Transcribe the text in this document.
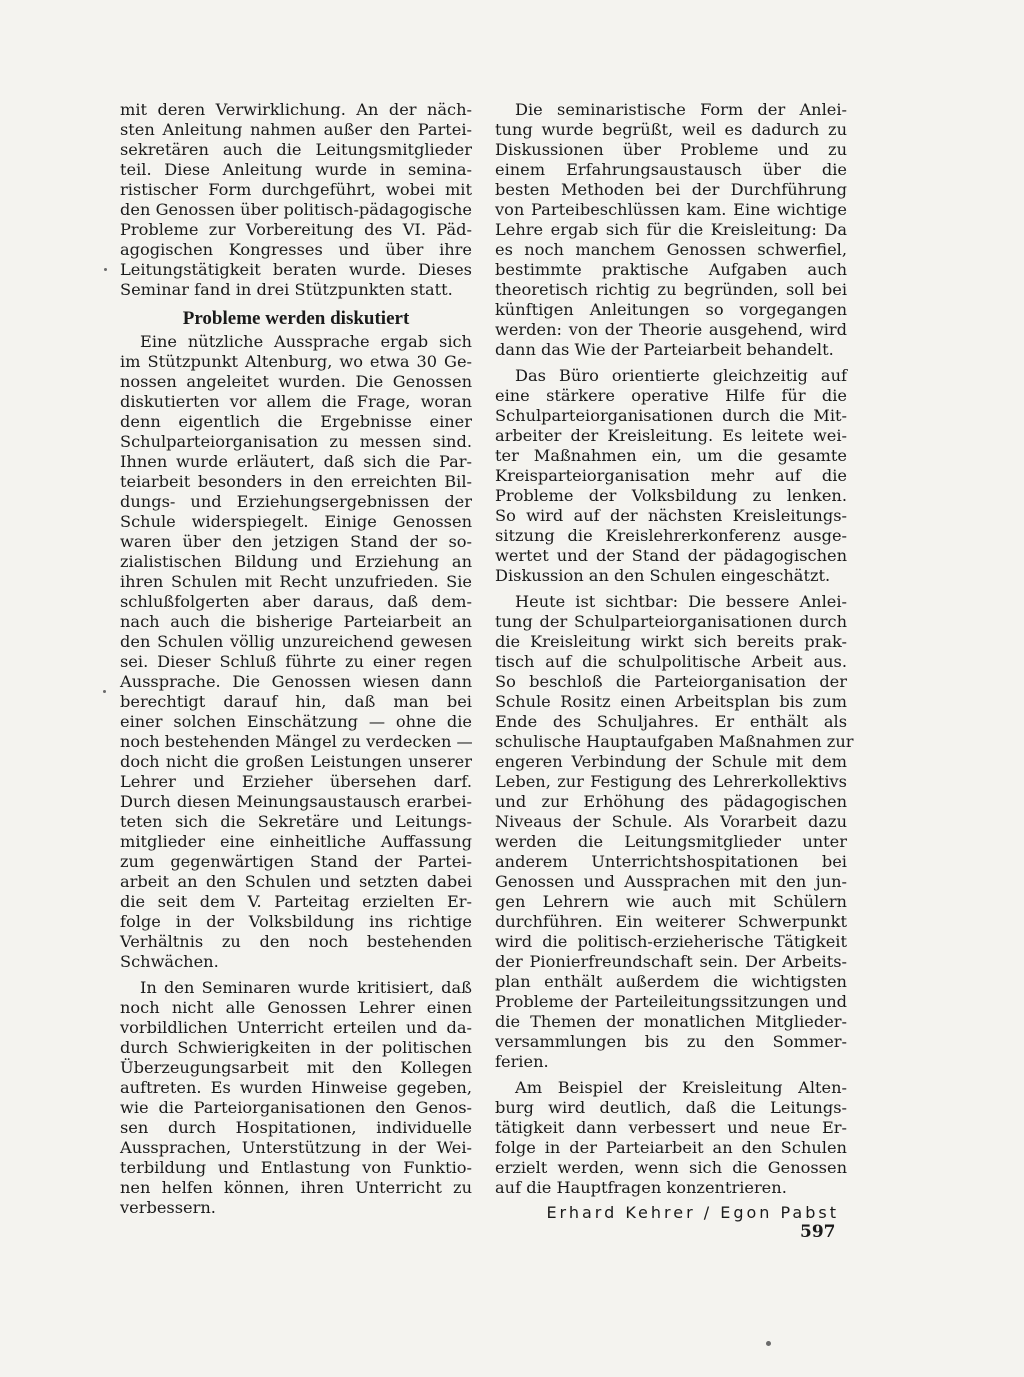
mit deren Verwirklichung. An der näch-
sten Anleitung nahmen außer den Partei-
sekretären auch die Leitungsmitglieder
teil. Diese Anleitung wurde in semina-
ristischer Form durchgeführt, wobei mit
den Genossen über politisch-pädagogische
Probleme zur Vorbereitung des VI. Päd-
agogischen Kongresses und über ihre
Leitungstätigkeit beraten wurde. Dieses
Seminar fand in drei Stützpunkten statt.
Probleme werden diskutiert
Eine nützliche Aussprache ergab sich
im Stützpunkt Altenburg, wo etwa 30 Ge-
nossen angeleitet wurden. Die Genossen
diskutierten vor allem die Frage, woran
denn eigentlich die Ergebnisse einer
Schulparteiorganisation zu messen sind.
Ihnen wurde erläutert, daß sich die Par-
teiarbeit besonders in den erreichten Bil-
dungs- und Erziehungsergebnissen der
Schule widerspiegelt. Einige Genossen
waren über den jetzigen Stand der so-
zialistischen Bildung und Erziehung an
ihren Schulen mit Recht unzufrieden. Sie
schlußfolgerten aber daraus, daß dem-
nach auch die bisherige Parteiarbeit an
den Schulen völlig unzureichend gewesen
sei. Dieser Schluß führte zu einer regen
Aussprache. Die Genossen wiesen dann
berechtigt darauf hin, daß man bei
einer solchen Einschätzung — ohne die
noch bestehenden Mängel zu verdecken —
doch nicht die großen Leistungen unserer
Lehrer und Erzieher übersehen darf.
Durch diesen Meinungsaustausch erarbei-
teten sich die Sekretäre und Leitungs-
mitglieder eine einheitliche Auffassung
zum gegenwärtigen Stand der Partei-
arbeit an den Schulen und setzten dabei
die seit dem V. Parteitag erzielten Er-
folge in der Volksbildung ins richtige
Verhältnis zu den noch bestehenden
Schwächen.
In den Seminaren wurde kritisiert, daß
noch nicht alle Genossen Lehrer einen
vorbildlichen Unterricht erteilen und da-
durch Schwierigkeiten in der politischen
Überzeugungsarbeit mit den Kollegen
auftreten. Es wurden Hinweise gegeben,
wie die Parteiorganisationen den Genos-
sen durch Hospitationen, individuelle
Aussprachen, Unterstützung in der Wei-
terbildung und Entlastung von Funktio-
nen helfen können, ihren Unterricht zu
verbessern.
Die seminaristische Form der Anlei-
tung wurde begrüßt, weil es dadurch zu
Diskussionen über Probleme und zu
einem Erfahrungsaustausch über die
besten Methoden bei der Durchführung
von Parteibeschlüssen kam. Eine wichtige
Lehre ergab sich für die Kreisleitung: Da
es noch manchem Genossen schwerfiel,
bestimmte praktische Aufgaben auch
theoretisch richtig zu begründen, soll bei
künftigen Anleitungen so vorgegangen
werden: von der Theorie ausgehend, wird
dann das Wie der Parteiarbeit behandelt.
Das Büro orientierte gleichzeitig auf
eine stärkere operative Hilfe für die
Schulparteiorganisationen durch die Mit-
arbeiter der Kreisleitung. Es leitete wei-
ter Maßnahmen ein, um die gesamte
Kreisparteiorganisation mehr auf die
Probleme der Volksbildung zu lenken.
So wird auf der nächsten Kreisleitungs-
sitzung die Kreislehrerkonferenz ausge-
wertet und der Stand der pädagogischen
Diskussion an den Schulen eingeschätzt.
Heute ist sichtbar: Die bessere Anlei-
tung der Schulparteiorganisationen durch
die Kreisleitung wirkt sich bereits prak-
tisch auf die schulpolitische Arbeit aus.
So beschloß die Parteiorganisation der
Schule Rositz einen Arbeitsplan bis zum
Ende des Schuljahres. Er enthält als
schulische Hauptaufgaben Maßnahmen zur
engeren Verbindung der Schule mit dem
Leben, zur Festigung des Lehrerkollektivs
und zur Erhöhung des pädagogischen
Niveaus der Schule. Als Vorarbeit dazu
werden die Leitungsmitglieder unter
anderem Unterrichtshospitationen bei
Genossen und Aussprachen mit den jun-
gen Lehrern wie auch mit Schülern
durchführen. Ein weiterer Schwerpunkt
wird die politisch-erzieherische Tätigkeit
der Pionierfreundschaft sein. Der Arbeits-
plan enthält außerdem die wichtigsten
Probleme der Parteileitungssitzungen und
die Themen der monatlichen Mitglieder-
versammlungen bis zu den Sommer-
ferien.
Am Beispiel der Kreisleitung Alten-
burg wird deutlich, daß die Leitungs-
tätigkeit dann verbessert und neue Er-
folge in der Parteiarbeit an den Schulen
erzielt werden, wenn sich die Genossen
auf die Hauptfragen konzentrieren.
Erhard Kehrer / Egon Pabst
597
